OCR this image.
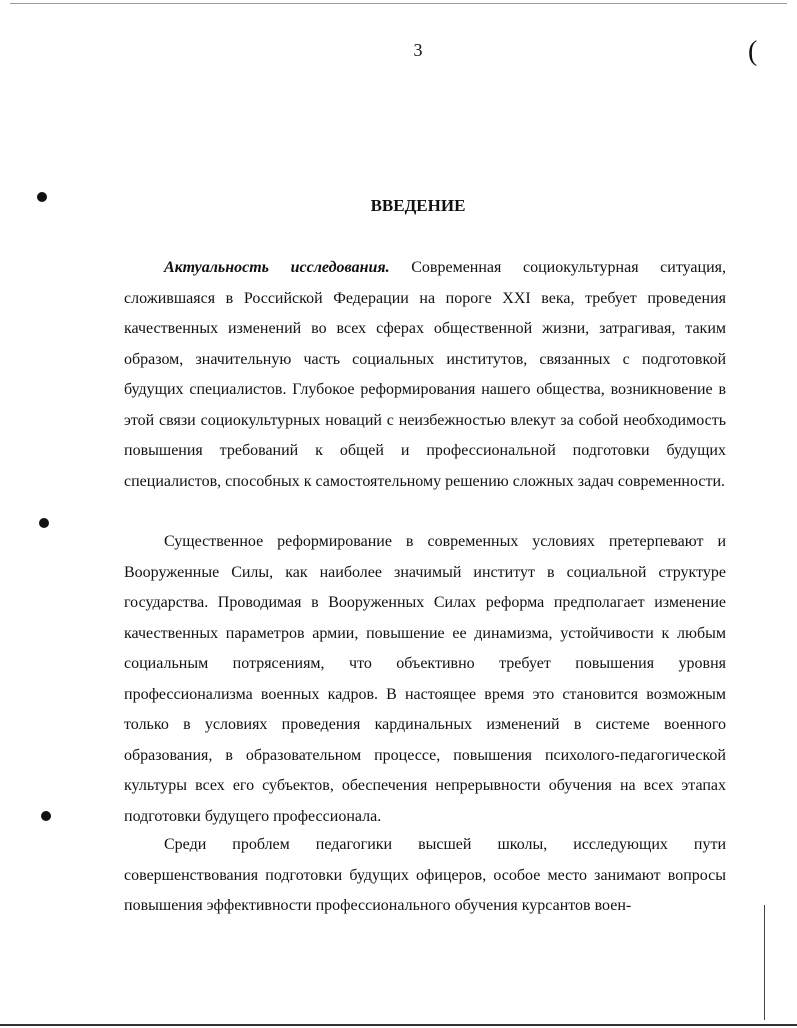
(
3
ВВЕДЕНИЕ

Актуальность исследования. Современная социокультурная ситуация, сложившаяся в Российской Федерации на пороге XXI века, требует проведения качественных изменений во всех сферах общественной жизни, затрагивая, таким образом, значительную часть социальных институтов, связанных с подготовкой будущих специалистов. Глубокое реформирования нашего общества, возникновение в этой связи социокультурных новаций с неизбежностью влекут за собой необходимость повышения требований к общей и профессиональной подготовки будущих специалистов, способных к самостоятельному решению сложных задач современности.

Существенное реформирование в современных условиях претерпевают и Вооруженные Силы, как наиболее значимый институт в социальной структуре государства. Проводимая в Вооруженных Силах реформа предполагает изменение качественных параметров армии, повышение ее динамизма, устойчивости к любым социальным потрясениям, что объективно требует повышения уровня профессионализма военных кадров. В настоящее время это становится возможным только в условиях проведения кардинальных изменений в системе военного образования, в образовательном процессе, повышения психолого-педагогической культуры всех его субъектов, обеспечения непрерывности обучения на всех этапах подготовки будущего профессионала.

Среди проблем педагогики высшей школы, исследующих пути совершенствования подготовки будущих офицеров, особое место занимают вопросы повышения эффективности профессионального обучения курсантов воен-
